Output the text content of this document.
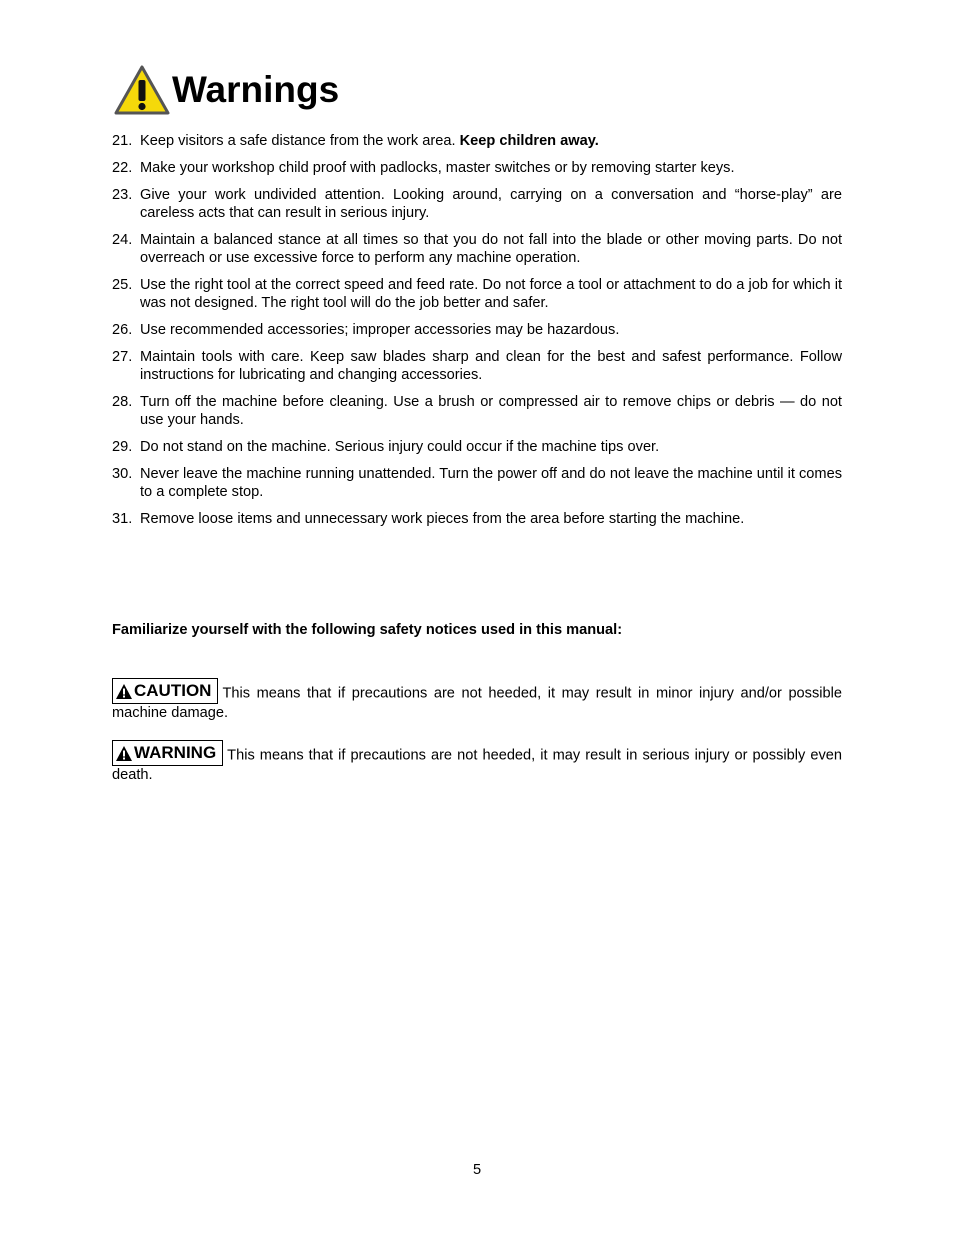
Warnings
21. Keep visitors a safe distance from the work area. Keep children away.
22. Make your workshop child proof with padlocks, master switches or by removing starter keys.
23. Give your work undivided attention. Looking around, carrying on a conversation and “horse-play” are careless acts that can result in serious injury.
24. Maintain a balanced stance at all times so that you do not fall into the blade or other moving parts. Do not overreach or use excessive force to perform any machine operation.
25. Use the right tool at the correct speed and feed rate. Do not force a tool or attachment to do a job for which it was not designed. The right tool will do the job better and safer.
26. Use recommended accessories; improper accessories may be hazardous.
27. Maintain tools with care. Keep saw blades sharp and clean for the best and safest performance. Follow instructions for lubricating and changing accessories.
28. Turn off the machine before cleaning. Use a brush or compressed air to remove chips or debris — do not use your hands.
29. Do not stand on the machine. Serious injury could occur if the machine tips over.
30. Never leave the machine running unattended. Turn the power off and do not leave the machine until it comes to a complete stop.
31. Remove loose items and unnecessary work pieces from the area before starting the machine.
Familiarize yourself with the following safety notices used in this manual:
CAUTION This means that if precautions are not heeded, it may result in minor injury and/or possible machine damage.
WARNING This means that if precautions are not heeded, it may result in serious injury or possibly even death.
5
